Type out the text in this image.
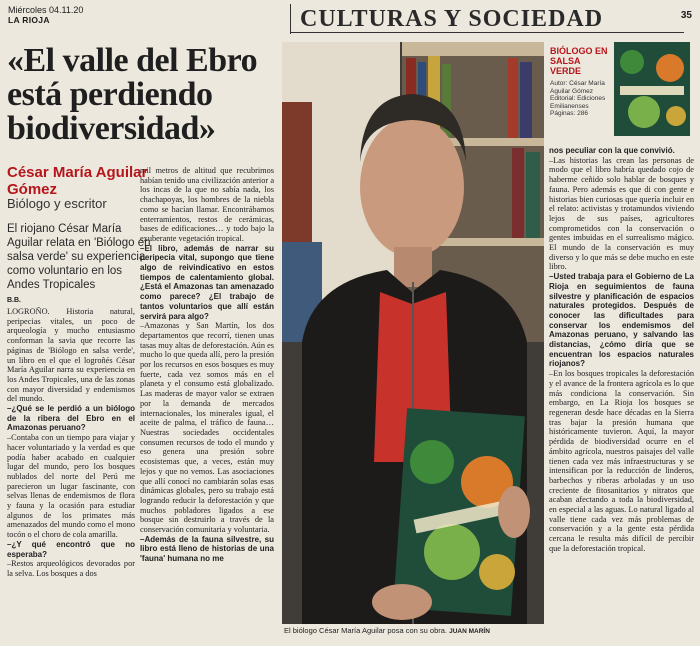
Miércoles 04.11.20
LA RIOJA	CULTURAS Y SOCIEDAD	35
«El valle del Ebro está perdiendo biodiversidad»
César María Aguilar Gómez
Biólogo y escritor
El riojano César María Aguilar relata en 'Biólogo en salsa verde' su experiencia como voluntario en los Andes Tropicales
B.B.
LOGROÑO. Historia natural, peripecias vitales, un poco de arqueología y mucho entusiasmo conforman la savia que recorre las páginas de 'Biólogo en salsa verde', un libro en el que el logroñés César María Aguilar narra su experiencia en los Andes Tropicales, una de las zonas con mayor diversidad y endemismos del mundo.
–¿Qué se le perdió a un biólogo de la ribera del Ebro en el Amazonas peruano?
–Contaba con un tiempo para viajar y hacer voluntariado y la verdad es que podía haber acabado en cualquier lugar del mundo, pero los bosques nublados del norte del Perú me parecieron un lugar fascinante, con selvas llenas de endemismos de flora y fauna y la ocasión para estudiar algunos de los primates más amenazados del mundo como el mono tocón o el choro de cola amarilla.
–¿Y qué encontró que no esperaba?
–Restos arqueológicos devorados por la selva. Los bosques a dos
mil metros de altitud que recubrimos habían tenido una civilización anterior a los incas de la que no sabía nada, los chachapoyas, los hombres de la niebla como se hacían llamar. Encontrábamos enterramientos, restos de cerámicas, bases de edificaciones… y todo bajo la exuberante vegetación tropical.
–El libro, además de narrar su peripecia vital, supongo que tiene algo de reivindicativo en estos tiempos de calentamiento global. ¿Está el Amazonas tan amenazado como parece? ¿El trabajo de tantos voluntarios que allí están servirá para algo?
–Amazonas y San Martín, los dos departamentos que recorrí, tienen unas tasas muy altas de deforestación. Aún es mucho lo que queda allí, pero la presión por los recursos en esos bosques es muy fuerte, cada vez somos más en el planeta y el consumo está globalizado. Las maderas de mayor valor se extraen por la demanda de mercados internacionales, los minerales igual, el aceite de palma, el tráfico de fauna… Nuestras sociedades occidentales consumen recursos de todo el mundo y eso genera una presión sobre ecosistemas que, a veces, están muy lejos y que no vemos. Las asociaciones que allí conocí no cambiarán solas esas dinámicas globales, pero su trabajo está logrando reducir la deforestación y que muchos pobladores ligados a ese bosque sin destruirlo a través de la conservación comunitaria y voluntaria.
–Además de la fauna silvestre, su libro está lleno de historias de una 'fauna' humana no me
El biólogo César María Aguilar posa con su obra. JUAN MARÍN
BIÓLOGO EN SALSA VERDE
Autor: César María Aguilar Gómez
Editorial: Ediciones Emilianenses
Páginas: 286
nos peculiar con la que convivió.
–Las historias las crean las personas de modo que el libro habría quedado cojo de haberme ceñido solo hablar de bosques y fauna. Pero además es que di con gente e historias bien curiosas que quería incluir en el relato: activistas y trotamundos viviendo lejos de sus países, agricultores comprometidos con la conservación o gentes imbuidas en el surrealismo mágico. El mundo de la conservación es muy diverso y lo que más se debe mucho en este libro.
–Usted trabaja para el Gobierno de La Rioja en seguimientos de fauna silvestre y planificación de espacios naturales protegidos. Después de conocer las dificultades para conservar los endemismos del Amazonas peruano, y salvando las distancias, ¿cómo diría que se encuentran los espacios naturales riojanos?
–En los bosques tropicales la deforestación y el avance de la frontera agrícola es lo que más condiciona la conservación. Sin embargo, en La Rioja los bosques se regeneran desde hace décadas en la Sierra tras bajar la presión humana que históricamente tuvieron. Aquí, la mayor pérdida de biodiversidad ocurre en el ámbito agrícola, nuestros paisajes del valle tienen cada vez más infraestructuras y se intensifican por la reducción de linderos, barbechos y riberas arboladas y un uso creciente de fitosanitarios y nitratos que acaban afectando a toda la biodiversidad, en especial a las aguas. Lo natural ligado al valle tiene cada vez más problemas de conservación y a la gente esta pérdida cercana le resulta más difícil de percibir que la deforestación tropical.
